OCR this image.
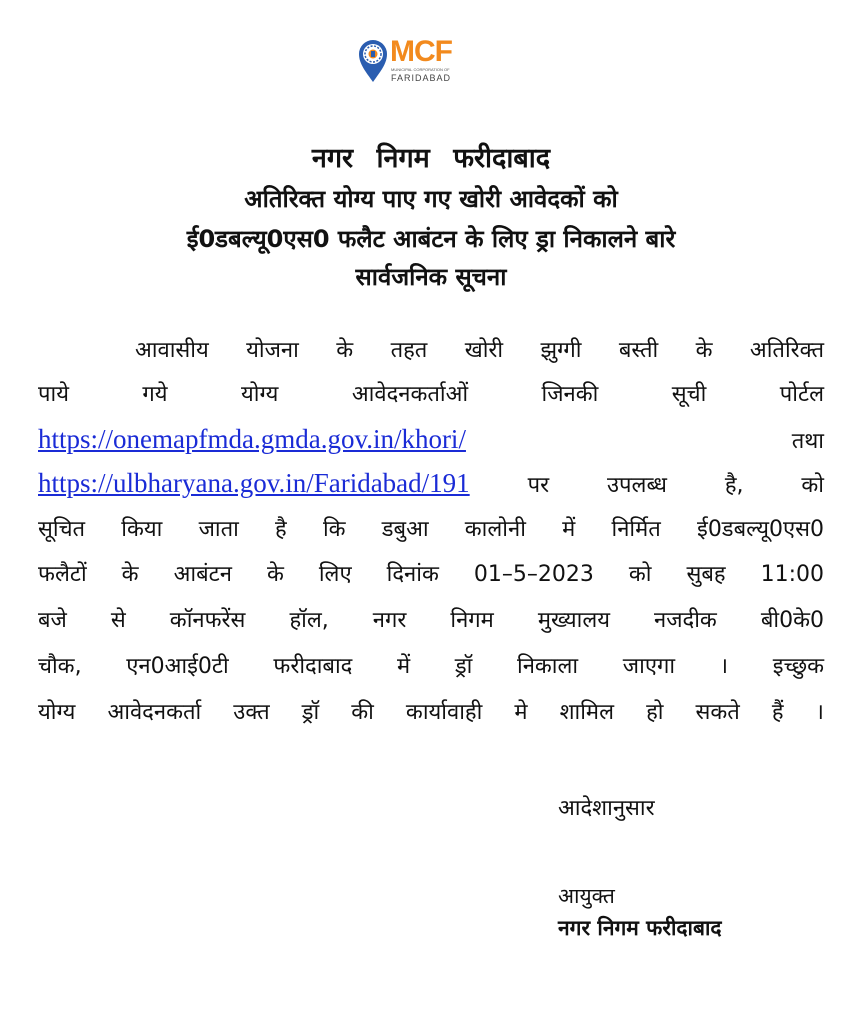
MCF
MUNICIPAL CORPORATION OF
FARIDABAD
नगर निगम फरीदाबाद
अतिरिक्त योग्य पाए गए खोरी आवेदकों को
ई0डबल्यू0एस0 फलैट आबंटन के लिए ड्रा निकालने बारे
सार्वजनिक सूचना
आवासीय योजना के तहत खोरी झुग्गी बस्ती के अतिरिक्त
पाये गये योग्य आवेदनकर्ताओं जिनकी सूची पोर्टल
https://onemapfmda.gmda.gov.in/khori/	तथा
https://ulbharyana.gov.in/Faridabad/191	पर उपलब्ध है, को
सूचित किया जाता है कि डबुआ कालोनी में निर्मित ई0डबल्यू0एस0
फलैटों के आबंटन के लिए दिनांक 01–5–2023 को सुबह 11:00
बजे से कॉनफरेंस हॉल, नगर निगम मुख्यालय नजदीक बी0के0
चौक, एन0आई0टी फरीदाबाद में ड्रॉ निकाला जाएगा । इच्छुक
योग्य आवेदनकर्ता उक्त ड्रॉ की कार्यावाही मे शामिल हो सकते हैं ।
आदेशानुसार
आयुक्त
नगर निगम फरीदाबाद
